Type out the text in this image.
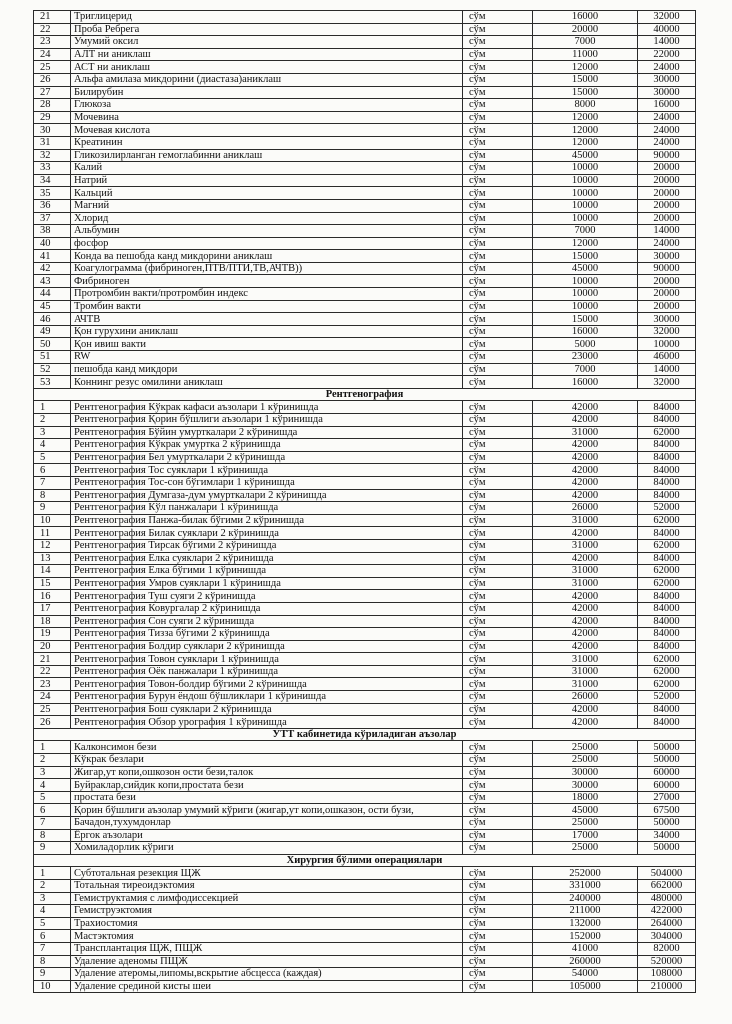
21	Триглицерид	сўм	16000	32000
22	Проба Ребрега	сўм	20000	40000
23	Умумий оксил	сўм	7000	14000
24	АЛТ ни аниклаш	сўм	11000	22000
25	АСТ ни аниклаш	сўм	12000	24000
26	Альфа амилаза микдорини (диастаза)аниклаш	сўм	15000	30000
27	Билирубин	сўм	15000	30000
28	Глюкоза	сўм	8000	16000
29	Мочевина	сўм	12000	24000
30	Мочевая кислота	сўм	12000	24000
31	Креатинин	сўм	12000	24000
32	Гликозилирланган гемоглабинни аниклаш	сўм	45000	90000
33	Калий	сўм	10000	20000
34	Натрий	сўм	10000	20000
35	Кальций	сўм	10000	20000
36	Магний	сўм	10000	20000
37	Хлорид	сўм	10000	20000
38	Альбумин	сўм	7000	14000
40	фосфор	сўм	12000	24000
41	Конда ва пешобда канд микдорини аниклаш	сўм	15000	30000
42	Коагулограмма (фибриноген,ПТВ/ПТИ,ТВ,АЧТВ))	сўм	45000	90000
43	Фибриноген	сўм	10000	20000
44	Протромбин вакти/протромбин индекс	сўм	10000	20000
45	Тромбин вакти	сўм	10000	20000
46	АЧТВ	сўм	15000	30000
49	Қон гурухини аниклаш	сўм	16000	32000
50	Қон ивиш вакти	сўм	5000	10000
51	RW	сўм	23000	46000
52	пешобда канд микдори	сўм	7000	14000
53	Коннинг резус омилини аниклаш	сўм	16000	32000
Рентгенография				
1	Рентгенография Кўкрак кафаси аъзолари 1 кўринишда	сўм	42000	84000
2	Рентгенография Қорин бўшлиги аъзолари 1 кўринишда	сўм	42000	84000
3	Рентгенография Бўйин умурткалари 2 кўринишда	сўм	31000	62000
4	Рентгенография Кўкрак умуртка 2 кўринишда	сўм	42000	84000
5	Рентгенография Бел умурткалари 2 кўринишда	сўм	42000	84000
6	Рентгенография Тос суяклари 1 кўринишда	сўм	42000	84000
7	Рентгенография Тос-сон бўгимлари 1 кўринишда	сўм	42000	84000
8	Рентгенография Думгаза-дум умурткалари 2 кўринишда	сўм	42000	84000
9	Рентгенография Кўл панжалари 1 кўринишда	сўм	26000	52000
10	Рентгенография Панжа-билак бўгими 2 кўринишда	сўм	31000	62000
11	Рентгенография Билак суяклари 2 кўринишда	сўм	42000	84000
12	Рентгенография Тирсак бўгими 2 кўринишда	сўм	31000	62000
13	Рентгенография Елка суяклари 2 кўринишда	сўм	42000	84000
14	Рентгенография Елка бўгими 1 кўринишда	сўм	31000	62000
15	Рентгенография Умров суяклари 1 кўринишда	сўм	31000	62000
16	Рентгенография Туш суяги 2 кўринишда	сўм	42000	84000
17	Рентгенография Ковургалар 2 кўринишда	сўм	42000	84000
18	Рентгенография Сон суяги 2 кўринишда	сўм	42000	84000
19	Рентгенография Тизза бўгими 2 кўринишда	сўм	42000	84000
20	Рентгенография Болдир суяклари 2 кўринишда	сўм	42000	84000
21	Рентгенография Товон суяклари 1 кўринишда	сўм	31000	62000
22	Рентгенография Оёк панжалари 1 кўринишда	сўм	31000	62000
23	Рентгенография Товон-болдир бўгими 2 кўринишда	сўм	31000	62000
24	Рентгенография Бурун ёндош бўшликлари 1 кўринишда	сўм	26000	52000
25	Рентгенография Бош суяклари 2 кўринишда	сўм	42000	84000
26	Рентгенография Обзор урография 1 кўринишда	сўм	42000	84000
УТТ кабинетида кўриладиган аъзолар				
1	Калконсимон бези	сўм	25000	50000
2	Кўкрак безлари	сўм	25000	50000
3	Жигар,ут копи,ошкозон ости бези,талок	сўм	30000	60000
4	Буйраклар,сийдик копи,простата бези	сўм	30000	60000
5	простата бези	сўм	18000	27000
6	Қорин бўшлиги аъзолар умумий кўриги (жигар,ут копи,ошказон, ости бузи,	сўм	45000	67500
7	Бачадон,тухумдонлар	сўм	25000	50000
8	Ёргок аъзолари	сўм	17000	34000
9	Хомиладорлик кўриги	сўм	25000	50000
Хирургия бўлими операциялари				
1	Субтотальная резекция ЩЖ	сўм	252000	504000
2	Тотальная тиреоидэктомия	сўм	331000	662000
3	Гемиструктамия с лимфодиссекцией	сўм	240000	480000
4	Гемиструэктомия	сўм	211000	422000
5	Трахиостомия	сўм	132000	264000
6	Мастэктомия	сўм	152000	304000
7	Трансплантация ЩЖ, ПЩЖ	сўм	41000	82000
8	Удаление аденомы ПЩЖ	сўм	260000	520000
9	Удаление атеромы,липомы,вскрытие абсцесса (каждая)	сўм	54000	108000
10	Удаление срединой кисты шеи	сўм	105000	210000
